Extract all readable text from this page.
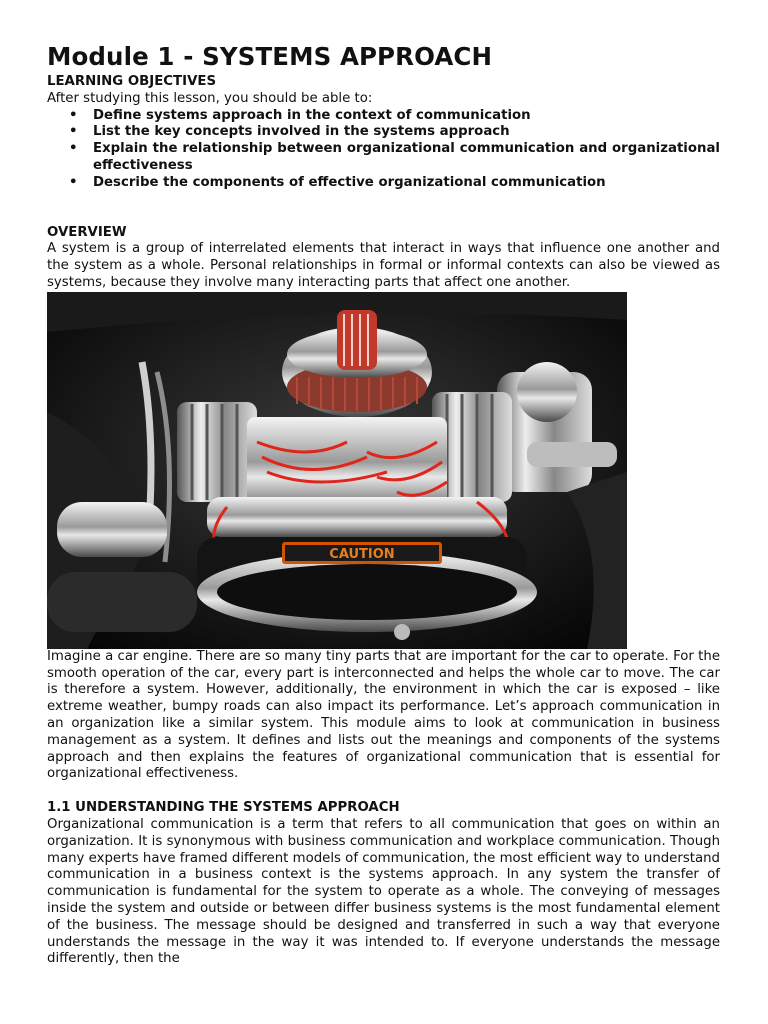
Module 1 - SYSTEMS APPROACH

LEARNING OBJECTIVES

After studying this lesson, you should be able to:

• Define systems approach in the context of communication
• List the key concepts involved in the systems approach
• Explain the relationship between organizational communication and organizational effectiveness
• Describe the components of effective organizational communication

OVERVIEW

A system is a group of interrelated elements that interact in ways that influence one another and the system as a whole. Personal relationships in formal or informal contexts can also be viewed as systems, because they involve many interacting parts that affect one another.

CAUTION

Imagine a car engine. There are so many tiny parts that are important for the car to operate. For the smooth operation of the car, every part is interconnected and helps the whole car to move. The car is therefore a system. However, additionally, the environment in which the car is exposed – like extreme weather, bumpy roads can also impact its performance. Let’s approach communication in an organization like a similar system. This module aims to look at communication in business management as a system. It defines and lists out the meanings and components of the systems approach and then explains the features of organizational communication that is essential for organizational effectiveness.

1.1 UNDERSTANDING THE SYSTEMS APPROACH

Organizational communication is a term that refers to all communication that goes on within an organization. It is synonymous with business communication and workplace communication. Though many experts have framed different models of communication, the most efficient way to understand communication in a business context is the systems approach. In any system the transfer of communication is fundamental for the system to operate as a whole. The conveying of messages inside the system and outside or between differ business systems is the most fundamental element of the business. The message should be designed and transferred in such a way that everyone understands the message in the way it was intended to. If everyone understands the message differently, then the
